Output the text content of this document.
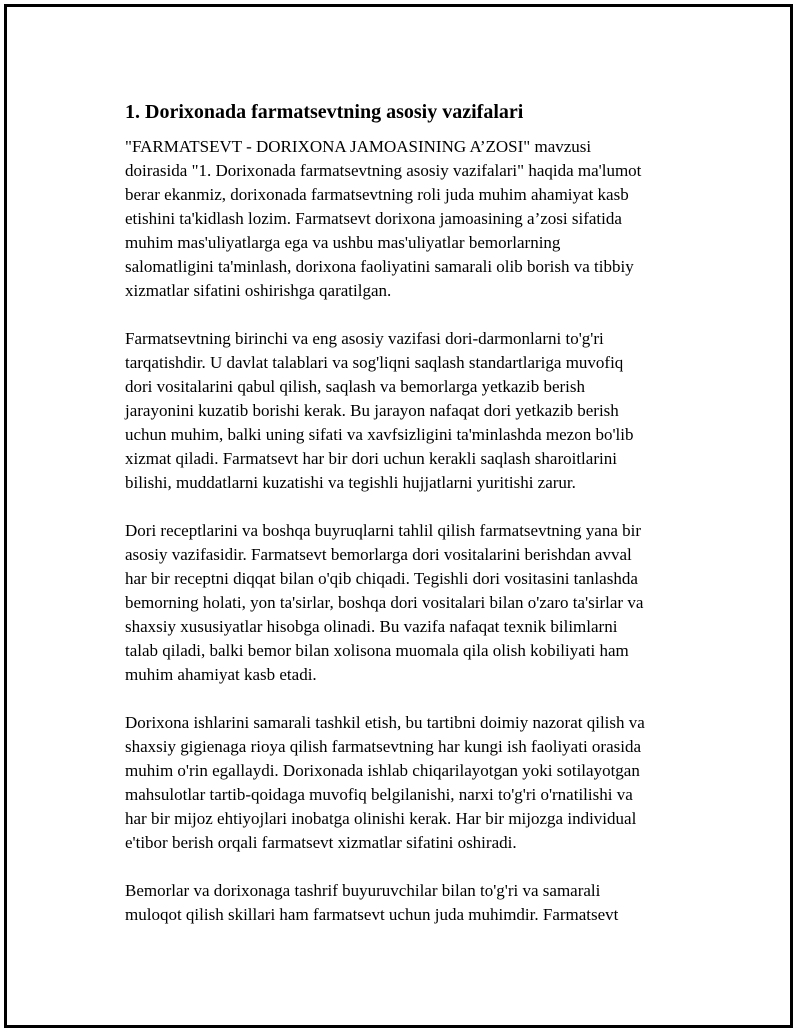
1. Dorixonada farmatsevtning asosiy vazifalari

"FARMATSEVT - DORIXONA JAMOASINING A’ZOSI" mavzusi
doirasida "1. Dorixonada farmatsevtning asosiy vazifalari" haqida ma'lumot
berar ekanmiz, dorixonada farmatsevtning roli juda muhim ahamiyat kasb
etishini ta'kidlash lozim. Farmatsevt dorixona jamoasining a’zosi sifatida
muhim mas'uliyatlarga ega va ushbu mas'uliyatlar bemorlarning
salomatligini ta'minlash, dorixona faoliyatini samarali olib borish va tibbiy
xizmatlar sifatini oshirishga qaratilgan.

Farmatsevtning birinchi va eng asosiy vazifasi dori-darmonlarni to'g'ri
tarqatishdir. U davlat talablari va sog'liqni saqlash standartlariga muvofiq
dori vositalarini qabul qilish, saqlash va bemorlarga yetkazib berish
jarayonini kuzatib borishi kerak. Bu jarayon nafaqat dori yetkazib berish
uchun muhim, balki uning sifati va xavfsizligini ta'minlashda mezon bo'lib
xizmat qiladi. Farmatsevt har bir dori uchun kerakli saqlash sharoitlarini
bilishi, muddatlarni kuzatishi va tegishli hujjatlarni yuritishi zarur.

Dori receptlarini va boshqa buyruqlarni tahlil qilish farmatsevtning yana bir
asosiy vazifasidir. Farmatsevt bemorlarga dori vositalarini berishdan avval
har bir receptni diqqat bilan o'qib chiqadi. Tegishli dori vositasini tanlashda
bemorning holati, yon ta'sirlar, boshqa dori vositalari bilan o'zaro ta'sirlar va
shaxsiy xususiyatlar hisobga olinadi. Bu vazifa nafaqat texnik bilimlarni
talab qiladi, balki bemor bilan xolisona muomala qila olish kobiliyati ham
muhim ahamiyat kasb etadi.

Dorixona ishlarini samarali tashkil etish, bu tartibni doimiy nazorat qilish va
shaxsiy gigienaga rioya qilish farmatsevtning har kungi ish faoliyati orasida
muhim o'rin egallaydi. Dorixonada ishlab chiqarilayotgan yoki sotilayotgan
mahsulotlar tartib-qoidaga muvofiq belgilanishi, narxi to'g'ri o'rnatilishi va
har bir mijoz ehtiyojlari inobatga olinishi kerak. Har bir mijozga individual
e'tibor berish orqali farmatsevt xizmatlar sifatini oshiradi.

Bemorlar va dorixonaga tashrif buyuruvchilar bilan to'g'ri va samarali
muloqot qilish skillari ham farmatsevt uchun juda muhimdir. Farmatsevt
